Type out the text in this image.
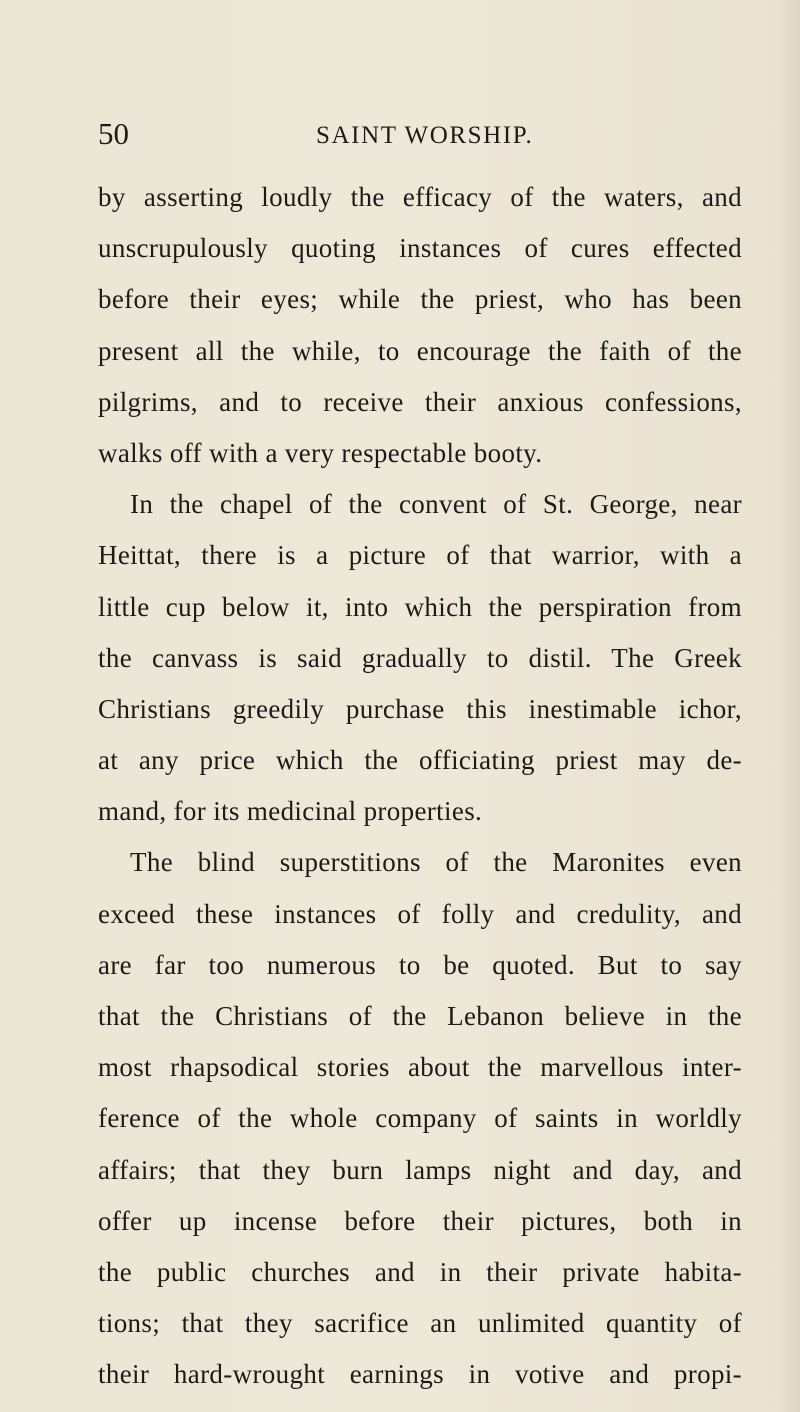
50	SAINT WORSHIP.
by asserting loudly the efficacy of the waters, and
unscrupulously quoting instances of cures effected
before their eyes; while the priest, who has been
present all the while, to encourage the faith of the
pilgrims, and to receive their anxious confessions,
walks off with a very respectable booty.
In the chapel of the convent of St. George, near
Heittat, there is a picture of that warrior, with a
little cup below it, into which the perspiration from
the canvass is said gradually to distil. The Greek
Christians greedily purchase this inestimable ichor,
at any price which the officiating priest may de-
mand, for its medicinal properties.
The blind superstitions of the Maronites even
exceed these instances of folly and credulity, and
are far too numerous to be quoted. But to say
that the Christians of the Lebanon believe in the
most rhapsodical stories about the marvellous inter-
ference of the whole company of saints in worldly
affairs; that they burn lamps night and day, and
offer up incense before their pictures, both in
the public churches and in their private habita-
tions; that they sacrifice an unlimited quantity of
their hard-wrought earnings in votive and propi-
